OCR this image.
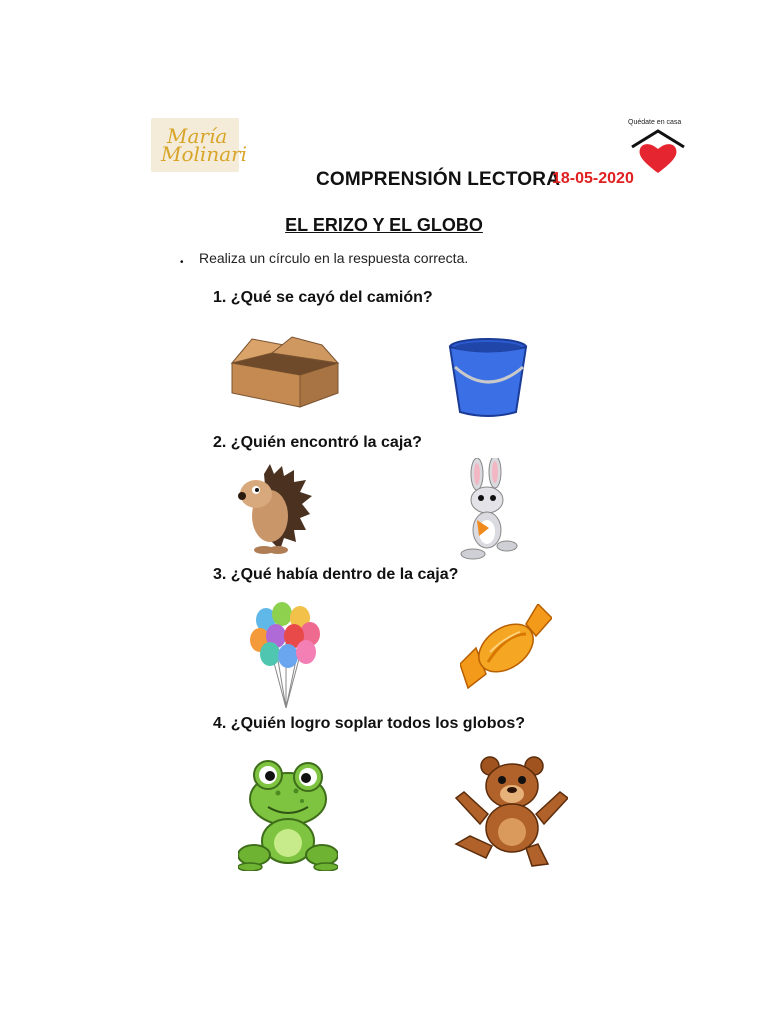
María
Molinari
COMPRENSIÓN LECTORA
18-05-2020
Quédate en casa
EL ERIZO Y EL GLOBO
• Realiza un círculo en la respuesta correcta.
1. ¿Qué se cayó del camión?
2. ¿Quién encontró la caja?
3. ¿Qué había dentro de la caja?
4. ¿Quién logro soplar todos los globos?
